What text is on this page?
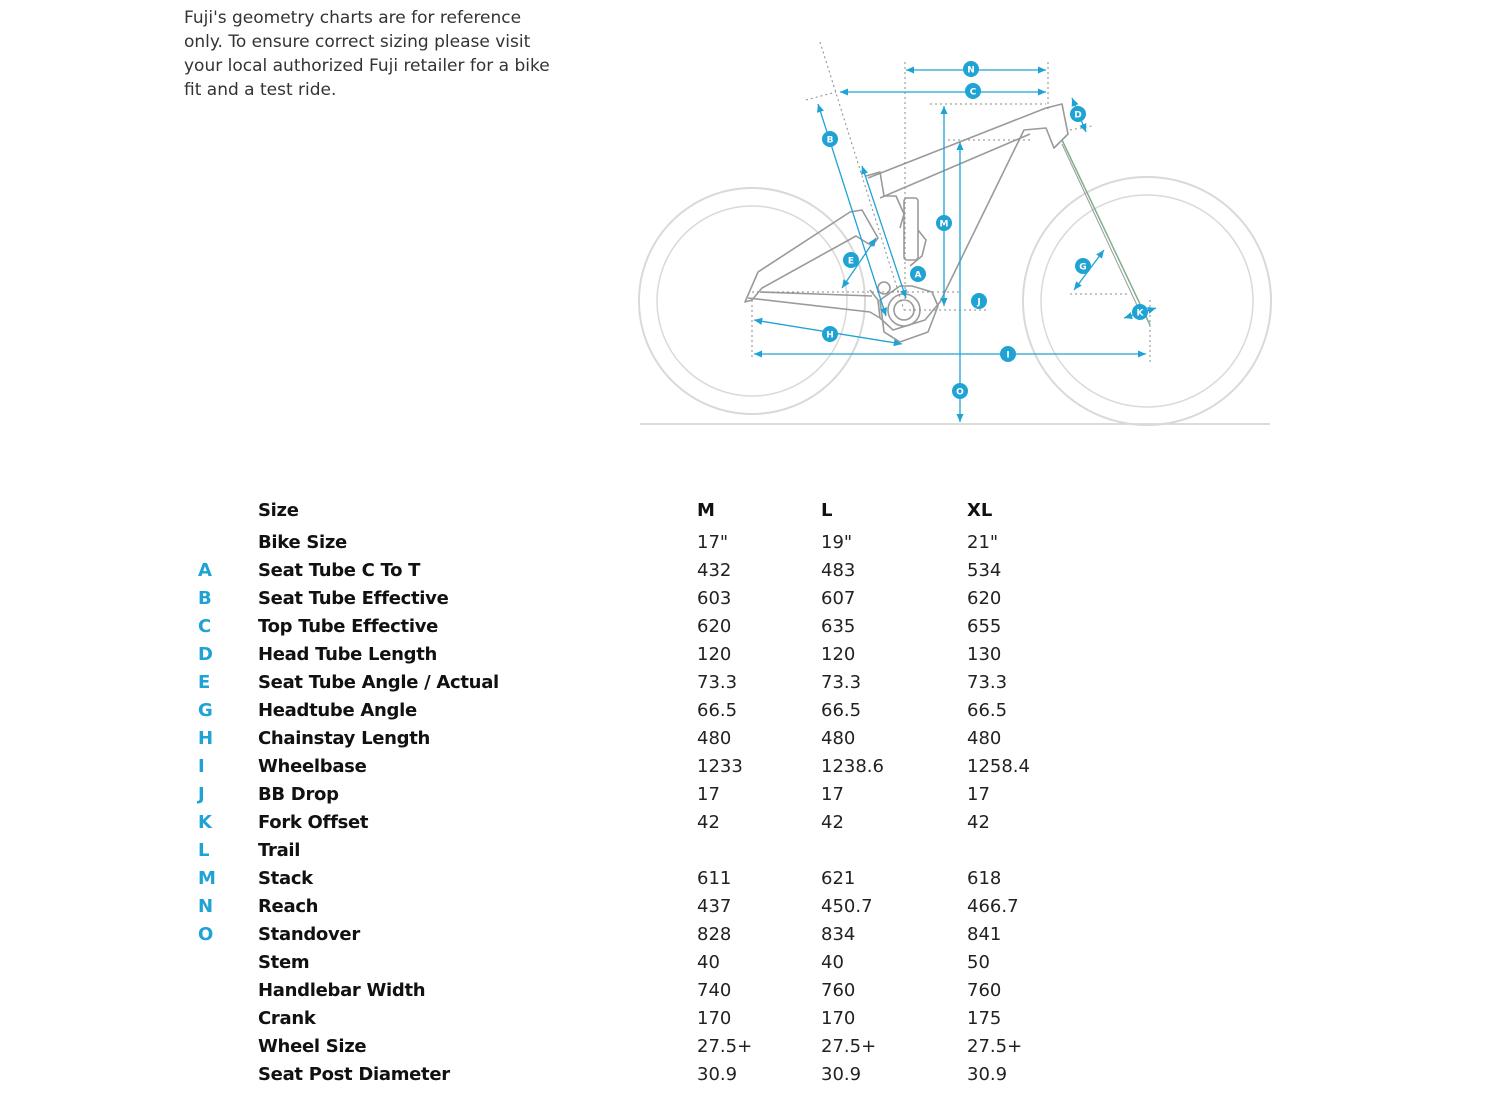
Fuji's geometry charts are for reference only. To ensure correct sizing please visit your local authorized Fuji retailer for a bike fit and a test ride.
A
B
C
D
E
G
H
I
J
K
M
N
O
Size	M	L	XL
Bike Size	17"	19"	21"
A	Seat Tube C To T	432	483	534
B	Seat Tube Effective	603	607	620
C	Top Tube Effective	620	635	655
D	Head Tube Length	120	120	130
E	Seat Tube Angle / Actual	73.3	73.3	73.3
G	Headtube Angle	66.5	66.5	66.5
H Chainstay Length	480	480	480
I	Wheelbase	1233	1238.6	1258.4
J	BB Drop	17	17	17
K	Fork Offset	42	42	42
L	Trail
M Stack	611	621	618
N Reach	437	450.7	466.7
O Standover	828	834	841
Stem	40	40	50
Handlebar Width	740	760	760
Crank	170	170	175
Wheel Size	27.5+	27.5+	27.5+
Seat Post Diameter	30.9	30.9	30.9
